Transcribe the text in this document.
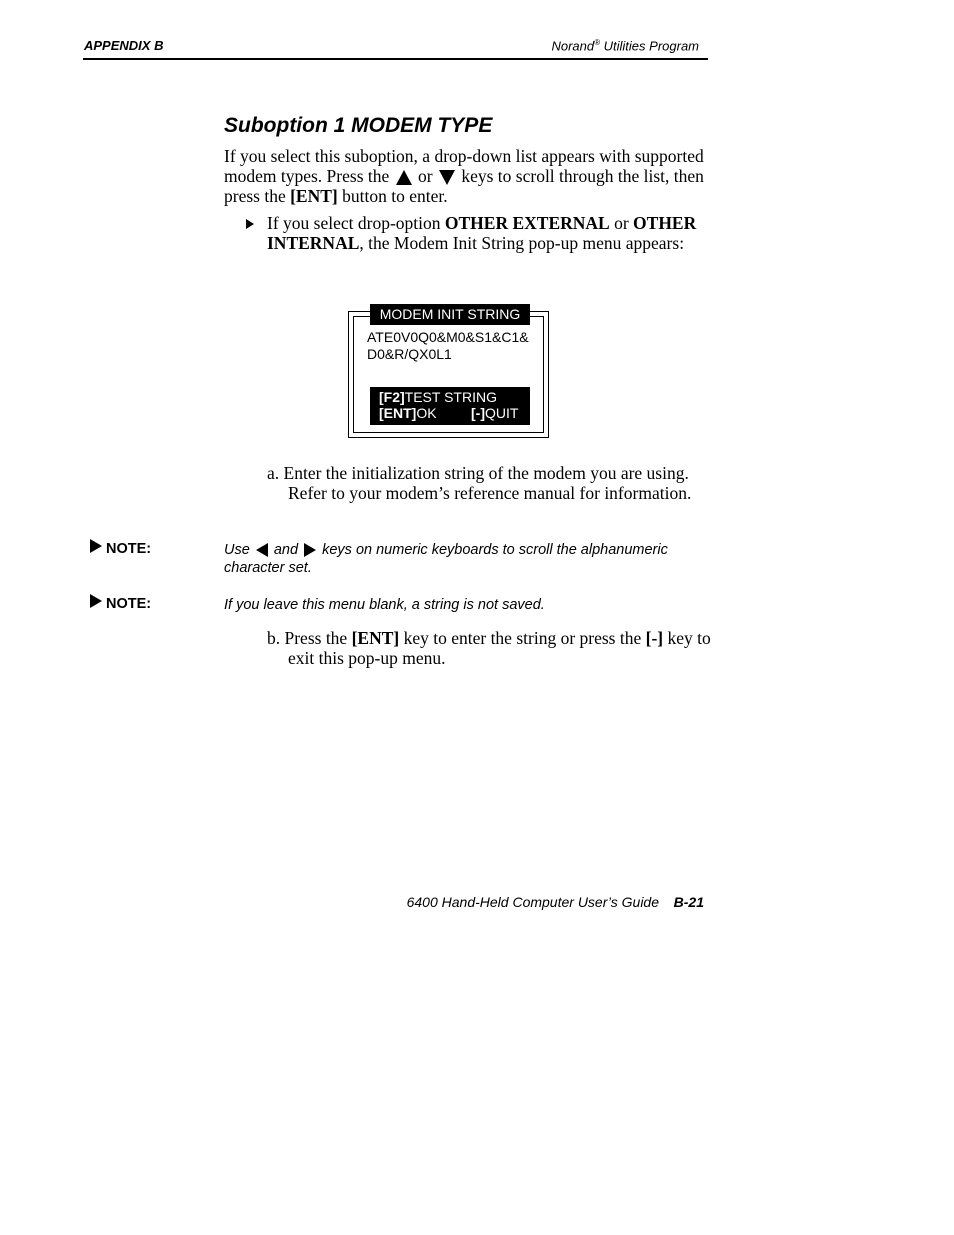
APPENDIX B	Norand® Utilities Program
Suboption 1 MODEM TYPE
If you select this suboption, a drop-down list appears with supported modem types. Press the  or  keys to scroll through the list, then press the [ENT] button to enter.
If you select drop-option OTHER EXTERNAL or OTHER INTERNAL, the Modem Init String pop-up menu appears:
MODEM INIT STRING
ATE0V0Q0&M0&S1&C1&
D0&R/QX0L1
[F2]TEST STRING
[ENT]OK [-]QUIT
a. Enter the initialization string of the modem you are using. Refer to your modem’s reference manual for information.
NOTE:	Use  and  keys on numeric keyboards to scroll the alphanumeric character set.
NOTE:	If you leave this menu blank, a string is not saved.
b. Press the [ENT] key to enter the string or press the [-] key to exit this pop-up menu.
6400 Hand-Held Computer User’s Guide B-21
